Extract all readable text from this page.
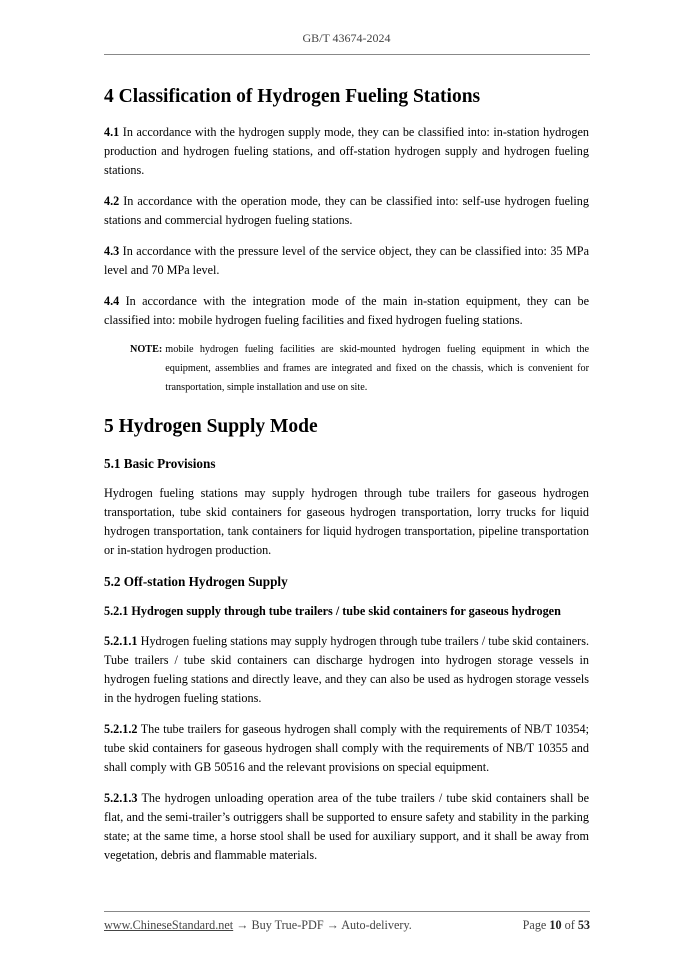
GB/T 43674-2024
4 Classification of Hydrogen Fueling Stations

4.1 In accordance with the hydrogen supply mode, they can be classified into: in-station hydrogen production and hydrogen fueling stations, and off-station hydrogen supply and hydrogen fueling stations.

4.2 In accordance with the operation mode, they can be classified into: self-use hydrogen fueling stations and commercial hydrogen fueling stations.

4.3 In accordance with the pressure level of the service object, they can be classified into: 35 MPa level and 70 MPa level.

4.4 In accordance with the integration mode of the main in-station equipment, they can be classified into: mobile hydrogen fueling facilities and fixed hydrogen fueling stations.

NOTE: mobile hydrogen fueling facilities are skid-mounted hydrogen fueling equipment in which the equipment, assemblies and frames are integrated and fixed on the chassis, which is convenient for transportation, simple installation and use on site.
5 Hydrogen Supply Mode
5.1 Basic Provisions

Hydrogen fueling stations may supply hydrogen through tube trailers for gaseous hydrogen transportation, tube skid containers for gaseous hydrogen transportation, lorry trucks for liquid hydrogen transportation, tank containers for liquid hydrogen transportation, pipeline transportation or in-station hydrogen production.

5.2 Off-station Hydrogen Supply
5.2.1 Hydrogen supply through tube trailers / tube skid containers for gaseous hydrogen

5.2.1.1 Hydrogen fueling stations may supply hydrogen through tube trailers / tube skid containers. Tube trailers / tube skid containers can discharge hydrogen into hydrogen storage vessels in hydrogen fueling stations and directly leave, and they can also be used as hydrogen storage vessels in the hydrogen fueling stations.

5.2.1.2 The tube trailers for gaseous hydrogen shall comply with the requirements of NB/T 10354; tube skid containers for gaseous hydrogen shall comply with the requirements of NB/T 10355 and shall comply with GB 50516 and the relevant provisions on special equipment.

5.2.1.3 The hydrogen unloading operation area of the tube trailers / tube skid containers shall be flat, and the semi-trailer’s outriggers shall be supported to ensure safety and stability in the parking state; at the same time, a horse stool shall be used for auxiliary support, and it shall be away from vegetation, debris and flammable materials.

www.ChineseStandard.net → Buy True-PDF → Auto-delivery.	Page 10 of 53
